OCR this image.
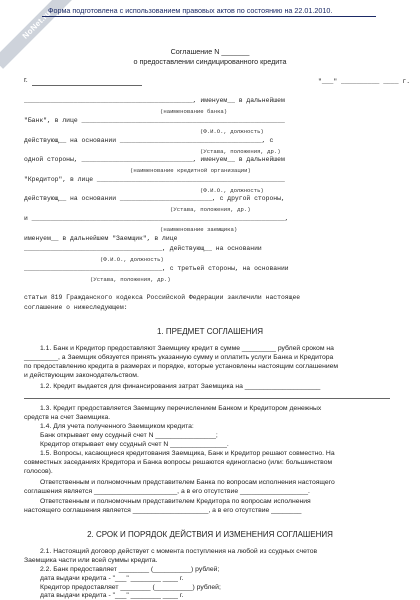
NoNet.ru
Форма подготовлена с использованием правовых актов по состоянию на 22.01.2010.
Соглашение N _______
о предоставлении синдицированного кредита
г.	"___" __________ ____ г.
____________________________________________, именуем__ в дальнейшем
(наименование банка)
"Банк", в лице _____________________________________________________
(Ф.И.О., должность)
действующ__ на основании _____________________________________, с
(Устава, положения, др.)
одной стороны, _____________________________, именуем__ в дальнейшем
(наименование кредитной организации)
"Кредитор", в лице _________________________________________________
(Ф.И.О., должность)
действующ__ на основании ________________________, с другой стороны,
(Устава, положения, др.)
и __________________________________________________________________,
(наименование заемщика)
именуем__ в дальнейшем "Заемщик", в лице
____________________________________, действующ__ на основании
(Ф.И.О., должность)
____________________________________, с третьей стороны, на основании
(Устава, положения, др.)
статьи 819 Гражданского кодекса Российской Федерации заключили настоящее
соглашение о нижеследующем:
1. ПРЕДМЕТ СОГЛАШЕНИЯ
1.1. Банк и Кредитор предоставляют Заемщику кредит в сумме _________ рублей сроком на
_________, а Заемщик обязуется принять указанную сумму и оплатить услуги Банка и Кредитора
по предоставлению кредита в размерах и порядке, которые установлены настоящим соглашением
и действующим законодательством.
1.2. Кредит выдается для финансирования затрат Заемщика на ____________________
1.3. Кредит предоставляется Заемщику перечислением Банком и Кредитором денежных
средств на счет Заемщика.
1.4. Для учета полученного Заемщиком кредита:
Банк открывает ему ссудный счет N ________________;
Кредитор открывает ему ссудный счет N _______________.
1.5. Вопросы, касающиеся кредитования Заемщика, Банк и Кредитор решают совместно. На
совместных заседаниях Кредитора и Банка вопросы решаются единогласно (или: большинством
голосов).
Ответственным и полномочным представителем Банка по вопросам исполнения настоящего
соглашения является ______________________, а в его отсутствие __________________.
Ответственным и полномочным представителем Кредитора по вопросам исполнения
настоящего соглашения является ____________________, а в его отсутствие ________
2. СРОК И ПОРЯДОК ДЕЙСТВИЯ И ИЗМЕНЕНИЯ СОГЛАШЕНИЯ
2.1. Настоящий договор действует с момента поступления на любой из ссудных счетов
Заемщика части или всей суммы кредита.
2.2. Банк предоставляет ________ (__________) рублей;
дата выдачи кредита - "___" ________ ____ г.
Кредитор предоставляет ________ (__________) рублей;
дата выдачи кредита - "___" ________ ____ г.
